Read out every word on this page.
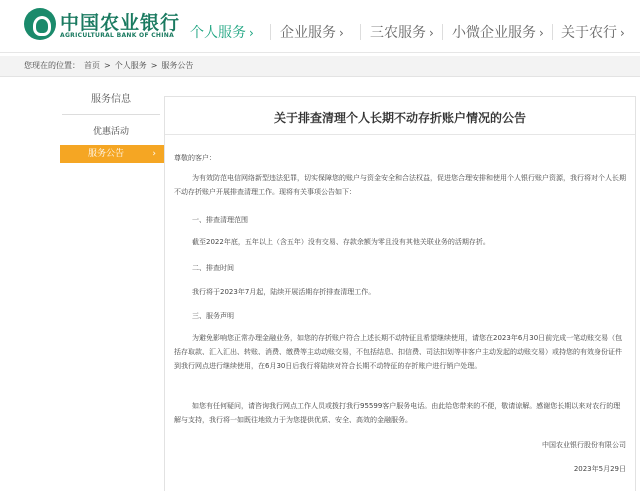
中国农业银行
AGRICULTURAL BANK OF CHINA 个人服务 › 企业服务 › 三农服务 › 小微企业服务 › 关于农行 ›
您现在的位置： 首页 > 个人服务 > 服务公告
服务信息
优惠活动
服务公告	›
关于排查清理个人长期不动存折账户情况的公告
尊敬的客户：
为有效防范电信网络新型违法犯罪，切实保障您的账户与资金安全和合法权益，促进您合理安排和使用个人银行账户资源，我行将对个人长期不动存折账户开展排查清理工作。现将有关事项公告如下：
一、排查清理范围
截至2022年底，五年以上（含五年）没有交易、存款余额为零且没有其他关联业务的活期存折。
二、排查时间
我行将于2023年7月起，陆续开展活期存折排查清理工作。
三、服务声明
为避免影响您正常办理金融业务，如您的存折账户符合上述长期不动特征且希望继续使用，请您在2023年6月30日前完成一笔动账交易（包括存取款、汇入汇出、转账、消费、缴费等主动动账交易，不包括结息、扣信费、司法扣划等非客户主动发起的动账交易）或持您的有效身份证件到我行网点进行继续使用，在6月30日后我行将陆续对符合长期不动特征的存折账户进行销户处理。
如您有任何疑问，请咨询我行网点工作人员或拨打我行95599客户服务电话。由此给您带来的不便，敬请谅解。感谢您长期以来对农行的理解与支持，我行将一如既往地致力于为您提供优质、安全、高效的金融服务。
中国农业银行股份有限公司
2023年5月29日
